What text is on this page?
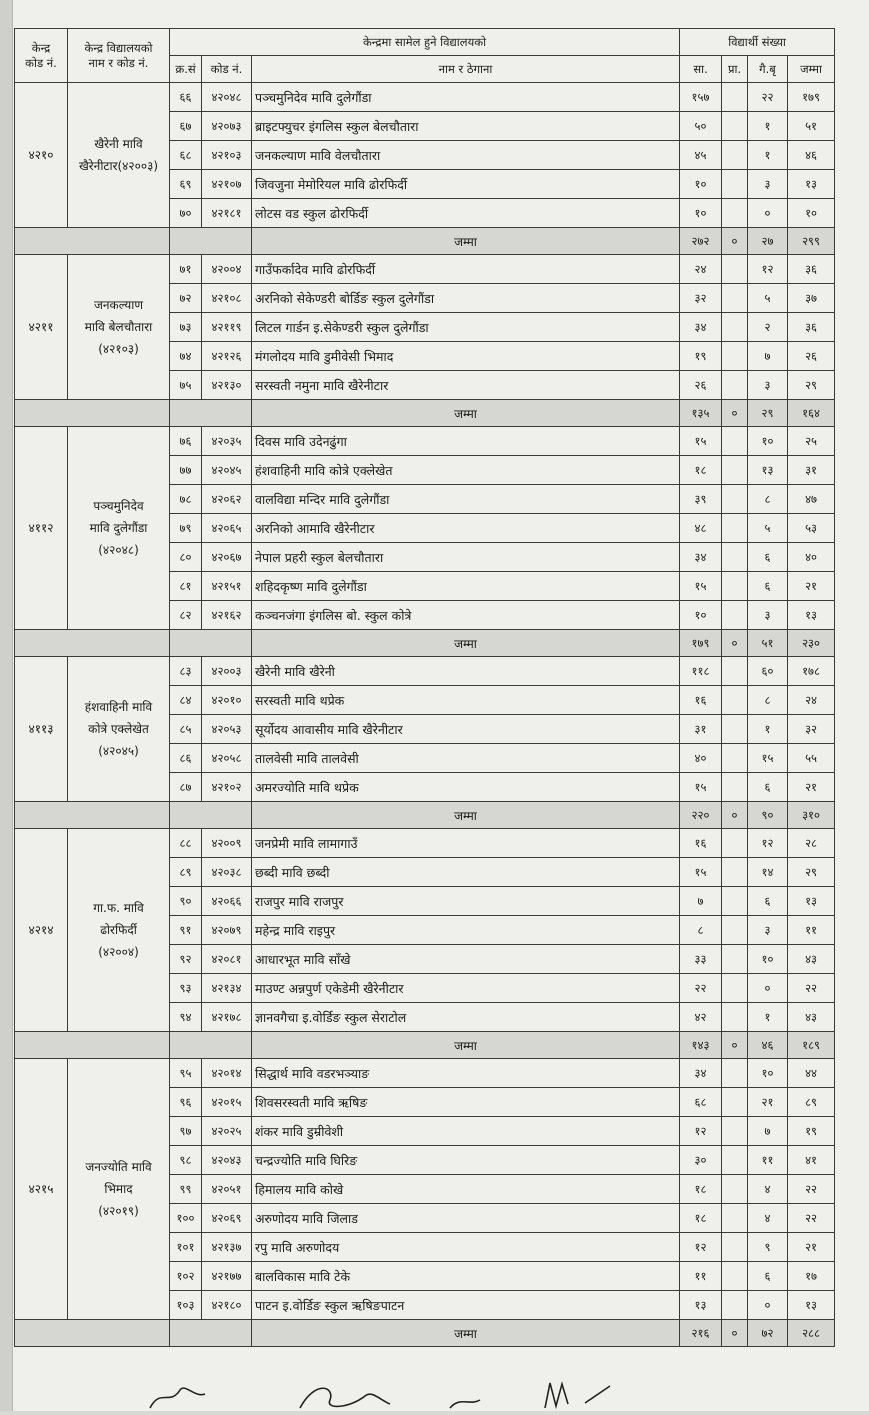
केन्द्र
कोड नं.	केन्द्र विद्यालयको
नाम र कोड नं.	केन्द्रमा सामेल हुने विद्यालयको			विद्यार्थी संख्या			
		क्र.सं	कोड नं.	नाम र ठेगाना	सा.	प्रा.	गै.बृ	जम्मा
४२१०	खैरेनी मावि
खैरेनीटार(४२००३)	६६	४२०४८	पञ्चमुनिदेव मावि दुलेगौंडा	१५७		२२	१७९
		६७	४२०७३	ब्राइटफ्युचर इंगलिस स्कुल बेलचौतारा	५०		१	५१
		६८	४२१०३	जनकल्याण मावि वेलचौतारा	४५		१	४६
		६९	४२१०७	जिवजुना मेमोरियल मावि ढोरफिर्दी	१०		३	१३
		७०	४२१८१	लोटस वड स्कुल ढोरफिर्दी	१०		०	१०
				जम्मा	२७२	०	२७	२९९
४२११	जनकल्याण
मावि बेलचौतारा
(४२१०३)	७१	४२००४	गाउँफर्कादेव मावि ढोरफिर्दी	२४		१२	३६
		७२	४२१०८	अरनिको सेकेण्डरी बोर्डिङ स्कुल दुलेगौंडा	३२		५	३७
		७३	४२११९	लिटल गार्डन इ.सेकेण्डरी स्कुल दुलेगौंडा	३४		२	३६
		७४	४२१२६	मंगलोदय मावि डुमीवेसी भिमाद	१९		७	२६
		७५	४२१३०	सरस्वती नमुना मावि खैरेनीटार	२६		३	२९
				जम्मा	१३५	०	२९	१६४
४११२	पञ्चमुनिदेव
मावि दुलेगौंडा
(४२०४८)	७६	४२०३५	दिवस मावि उदेनढुंगा	१५		१०	२५
		७७	४२०४५	हंशवाहिनी मावि कोत्रे एक्लेखेत	१८		१३	३१
		७८	४२०६२	वालविद्या मन्दिर मावि दुलेगौंडा	३९		८	४७
		७९	४२०६५	अरनिको आमावि खैरेनीटार	४८		५	५३
		८०	४२०६७	नेपाल प्रहरी स्कुल बेलचौतारा	३४		६	४०
		८१	४२१५१	शहिदकृष्ण मावि दुलेगौंडा	१५		६	२१
		८२	४२१६२	कञ्चनजंगा इंगलिस बो. स्कुल कोत्रे	१०		३	१३
				जम्मा	१७९	०	५१	२३०
४११३	हंशवाहिनी मावि
कोत्रे एक्लेखेत
(४२०४५)	८३	४२००३	खैरेनी मावि खैरेनी	११८		६०	१७८
		८४	४२०१०	सरस्वती मावि थप्रेक	१६		८	२४
		८५	४२०५३	सूर्योदय आवासीय मावि खैरेनीटार	३१		१	३२
		८६	४२०५८	तालवेसी मावि तालवेसी	४०		१५	५५
		८७	४२१०२	अमरज्योति मावि थप्रेक	१५		६	२१
				जम्मा	२२०	०	९०	३१०
४२१४	गा.फ. मावि
ढोरफिर्दी
(४२००४)	८८	४२००९	जनप्रेमी मावि लामागाउँ	१६		१२	२८
		८९	४२०३८	छब्दी मावि छब्दी	१५		१४	२९
		९०	४२०६६	राजपुर मावि राजपुर	७		६	१३
		९१	४२०७९	महेन्द्र मावि राइपुर	८		३	११
		९२	४२०८१	आधारभूत मावि साँखे	३३		१०	४३
		९३	४२१३४	माउण्ट अन्नपुर्ण एकेडेमी खैरेनीटार	२२		०	२२
		९४	४२१७८	ज्ञानवगैचा इ.वोर्डिङ स्कुल सेराटोल	४२		१	४३
				जम्मा	१४३	०	४६	१८९
४२१५	जनज्योति मावि
भिमाद
(४२०१९)	९५	४२०१४	सिद्धार्थ मावि वडरभञ्याङ	३४		१०	४४
		९६	४२०१५	शिवसरस्वती मावि ऋषिङ	६८		२१	८९
		९७	४२०२५	शंकर मावि डुम्रीवेशी	१२		७	१९
		९८	४२०४३	चन्द्रज्योति मावि घिरिङ	३०		११	४१
		९९	४२०५१	हिमालय मावि कोखे	१८		४	२२
		१००	४२०६९	अरुणोदय मावि जिलाड	१८		४	२२
		१०१	४२१३७	रपु मावि अरुणोदय	१२		९	२१
		१०२	४२१७७	बालविकास मावि टेके	११		६	१७
		१०३	४२१८०	पाटन इ.वोर्डिङ स्कुल ऋषिङपाटन	१३		०	१३
				जम्मा	२१६	०	७२	२८८
